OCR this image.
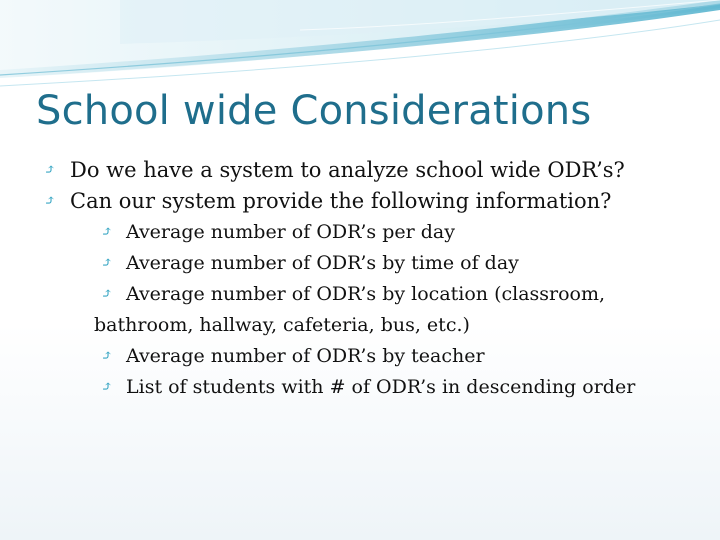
School wide Considerations
⤴ Do we have a system to analyze school wide ODR’s?
⤴ Can our system provide the following information?
⤴ Average number of ODR’s per day
⤴ Average number of ODR’s by time of day
⤴ Average number of ODR’s by location (classroom,
bathroom, hallway, cafeteria, bus, etc.)
⤴ Average number of ODR’s by teacher
⤴ List of students with # of ODR’s in descending order
